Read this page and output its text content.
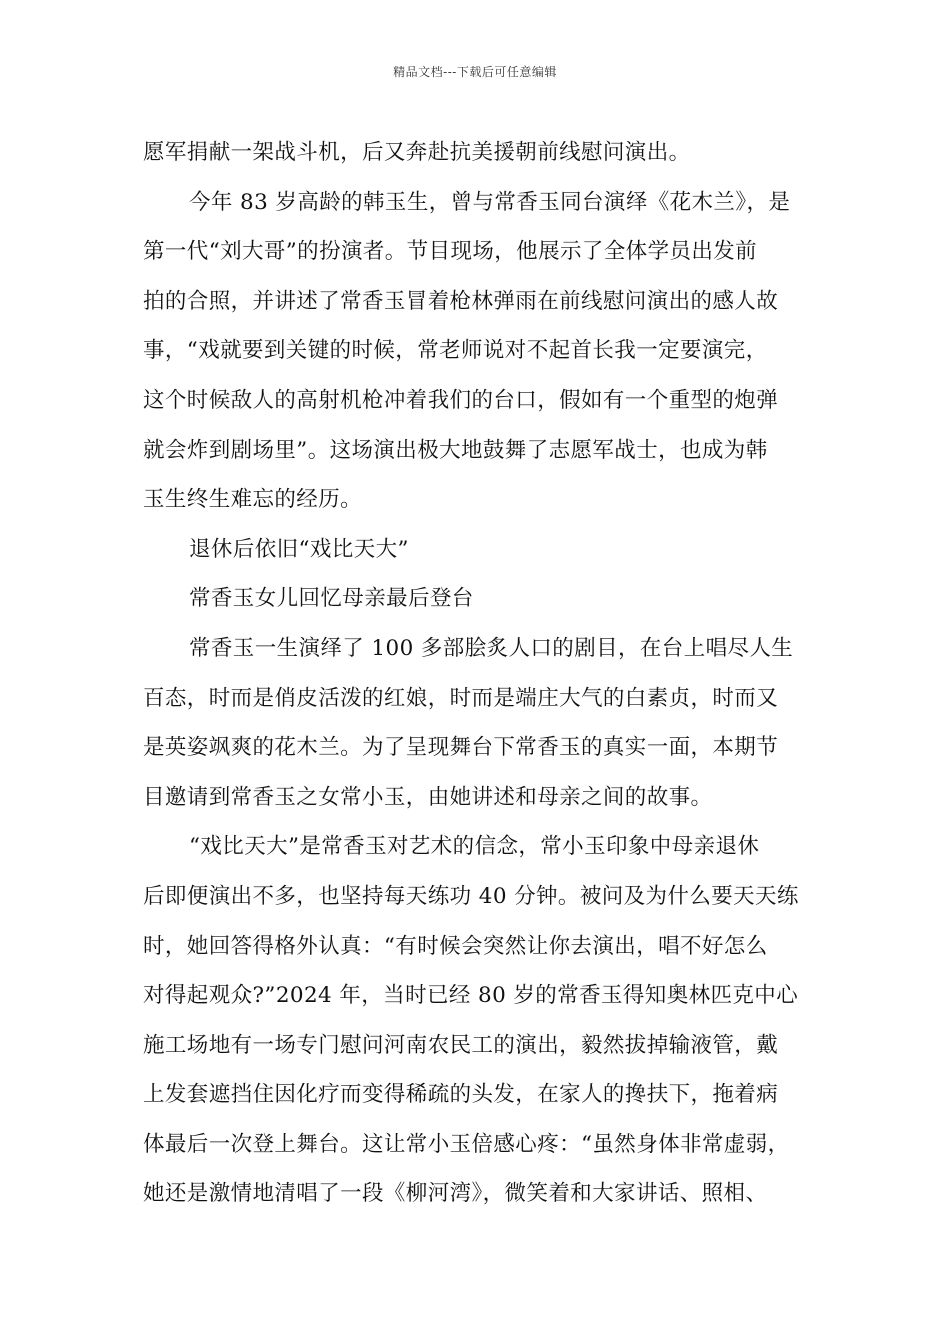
精品文档---下载后可任意编辑
愿军捐献一架战斗机，后又奔赴抗美援朝前线慰问演出。
今年 83 岁高龄的韩玉生，曾与常香玉同台演绎《花木兰》，是
第一代“刘大哥”的扮演者。节目现场，他展示了全体学员出发前
拍的合照，并讲述了常香玉冒着枪林弹雨在前线慰问演出的感人故
事，“戏就要到关键的时候，常老师说对不起首长我一定要演完，
这个时候敌人的高射机枪冲着我们的台口，假如有一个重型的炮弹
就会炸到剧场里”。这场演出极大地鼓舞了志愿军战士，也成为韩
玉生终生难忘的经历。
退休后依旧“戏比天大”
常香玉女儿回忆母亲最后登台
常香玉一生演绎了 100 多部脍炙人口的剧目，在台上唱尽人生
百态，时而是俏皮活泼的红娘，时而是端庄大气的白素贞，时而又
是英姿飒爽的花木兰。为了呈现舞台下常香玉的真实一面，本期节
目邀请到常香玉之女常小玉，由她讲述和母亲之间的故事。
“戏比天大”是常香玉对艺术的信念，常小玉印象中母亲退休
后即便演出不多，也坚持每天练功 40 分钟。被问及为什么要天天练
时，她回答得格外认真：“有时候会突然让你去演出，唱不好怎么
对得起观众?”2024 年，当时已经 80 岁的常香玉得知奥林匹克中心
施工场地有一场专门慰问河南农民工的演出，毅然拔掉输液管，戴
上发套遮挡住因化疗而变得稀疏的头发，在家人的搀扶下，拖着病
体最后一次登上舞台。这让常小玉倍感心疼：“虽然身体非常虚弱，
她还是激情地清唱了一段《柳河湾》，微笑着和大家讲话、照相、
